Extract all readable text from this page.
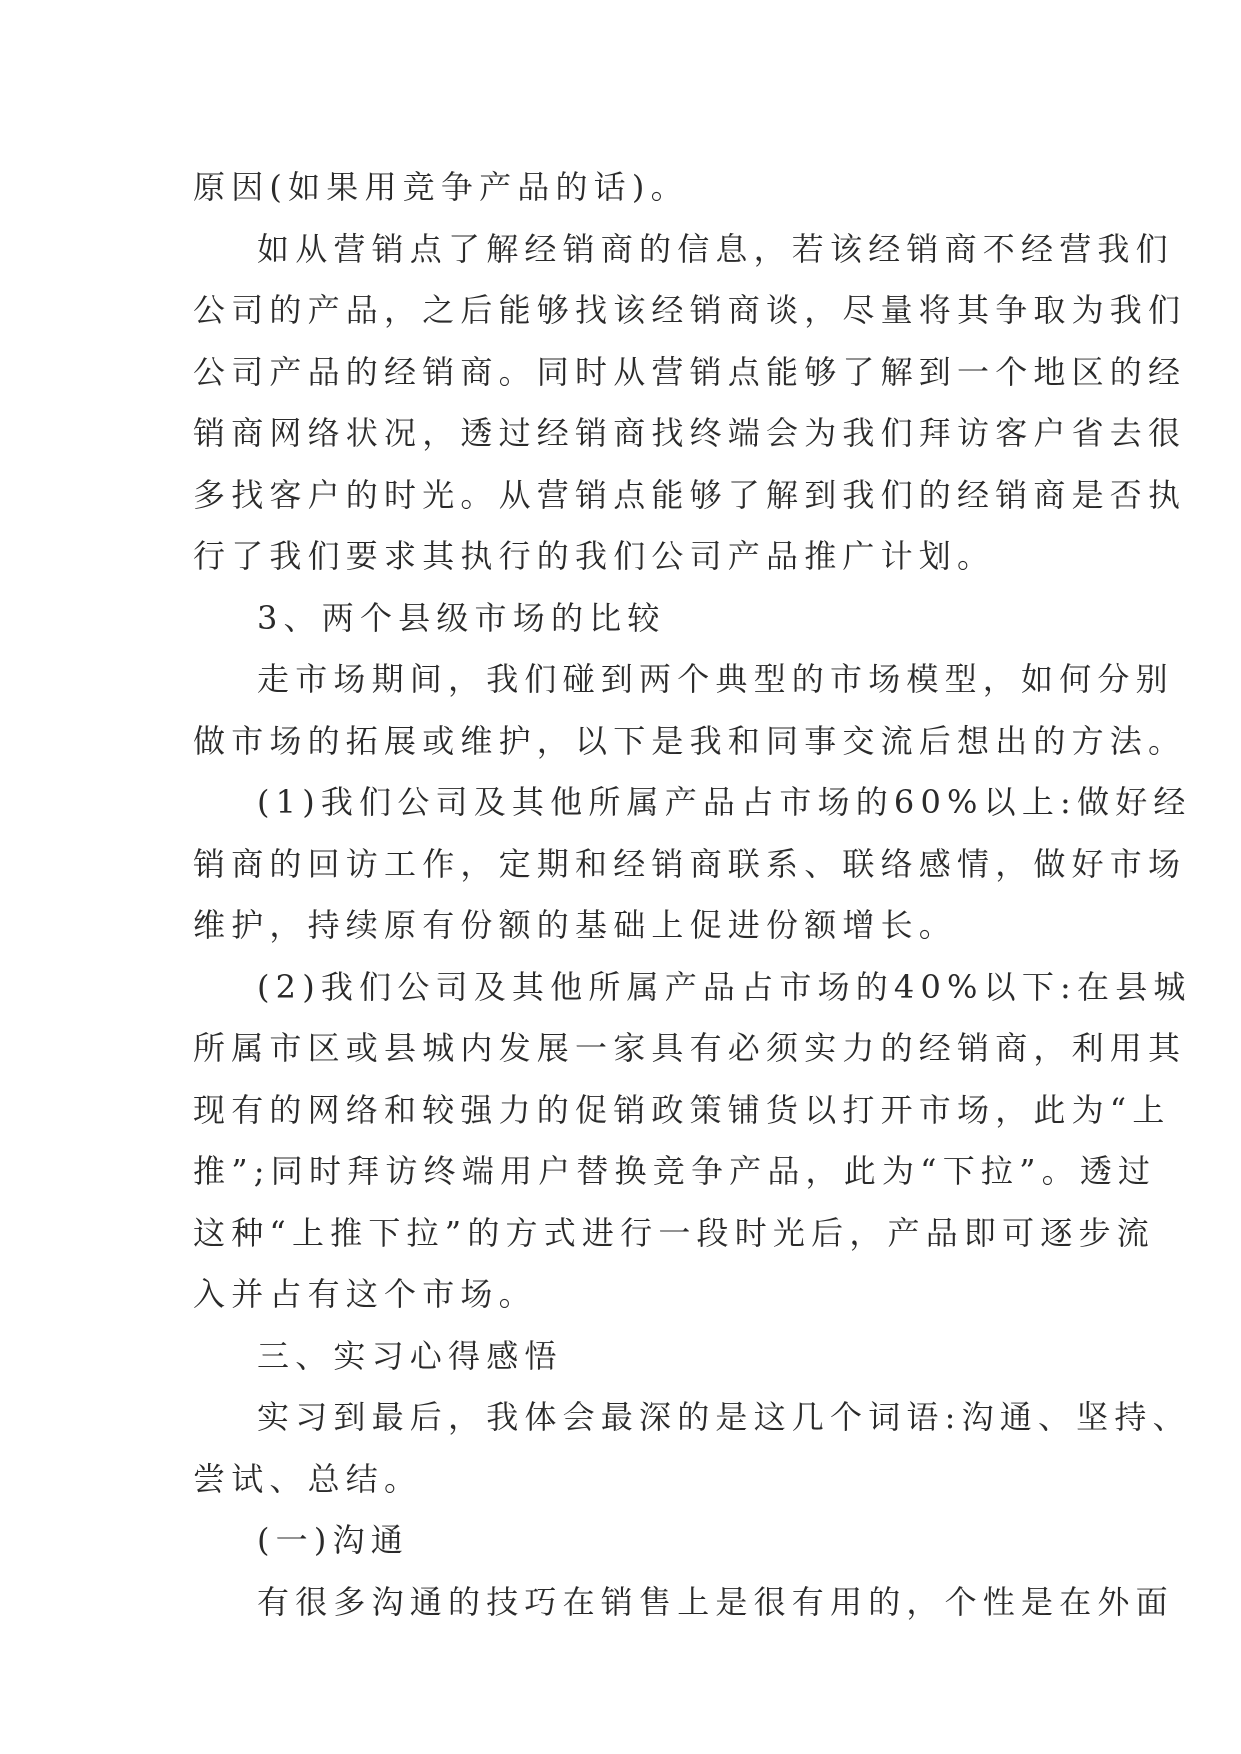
原因(如果用竞争产品的话)。
如从营销点了解经销商的信息，若该经销商不经营我们
公司的产品，之后能够找该经销商谈，尽量将其争取为我们
公司产品的经销商。同时从营销点能够了解到一个地区的经
销商网络状况，透过经销商找终端会为我们拜访客户省去很
多找客户的时光。从营销点能够了解到我们的经销商是否执
行了我们要求其执行的我们公司产品推广计划。
3、两个县级市场的比较
走市场期间，我们碰到两个典型的市场模型，如何分别
做市场的拓展或维护，以下是我和同事交流后想出的方法。
(1)我们公司及其他所属产品占市场的60%以上:做好经
销商的回访工作，定期和经销商联系、联络感情，做好市场
维护，持续原有份额的基础上促进份额增长。
(2)我们公司及其他所属产品占市场的40%以下:在县城
所属市区或县城内发展一家具有必须实力的经销商，利用其
现有的网络和较强力的促销政策铺货以打开市场，此为“上
推”;同时拜访终端用户替换竞争产品，此为“下拉”。透过
这种“上推下拉”的方式进行一段时光后，产品即可逐步流
入并占有这个市场。
三、实习心得感悟
实习到最后，我体会最深的是这几个词语:沟通、坚持、
尝试、总结。
(一)沟通
有很多沟通的技巧在销售上是很有用的，个性是在外面
